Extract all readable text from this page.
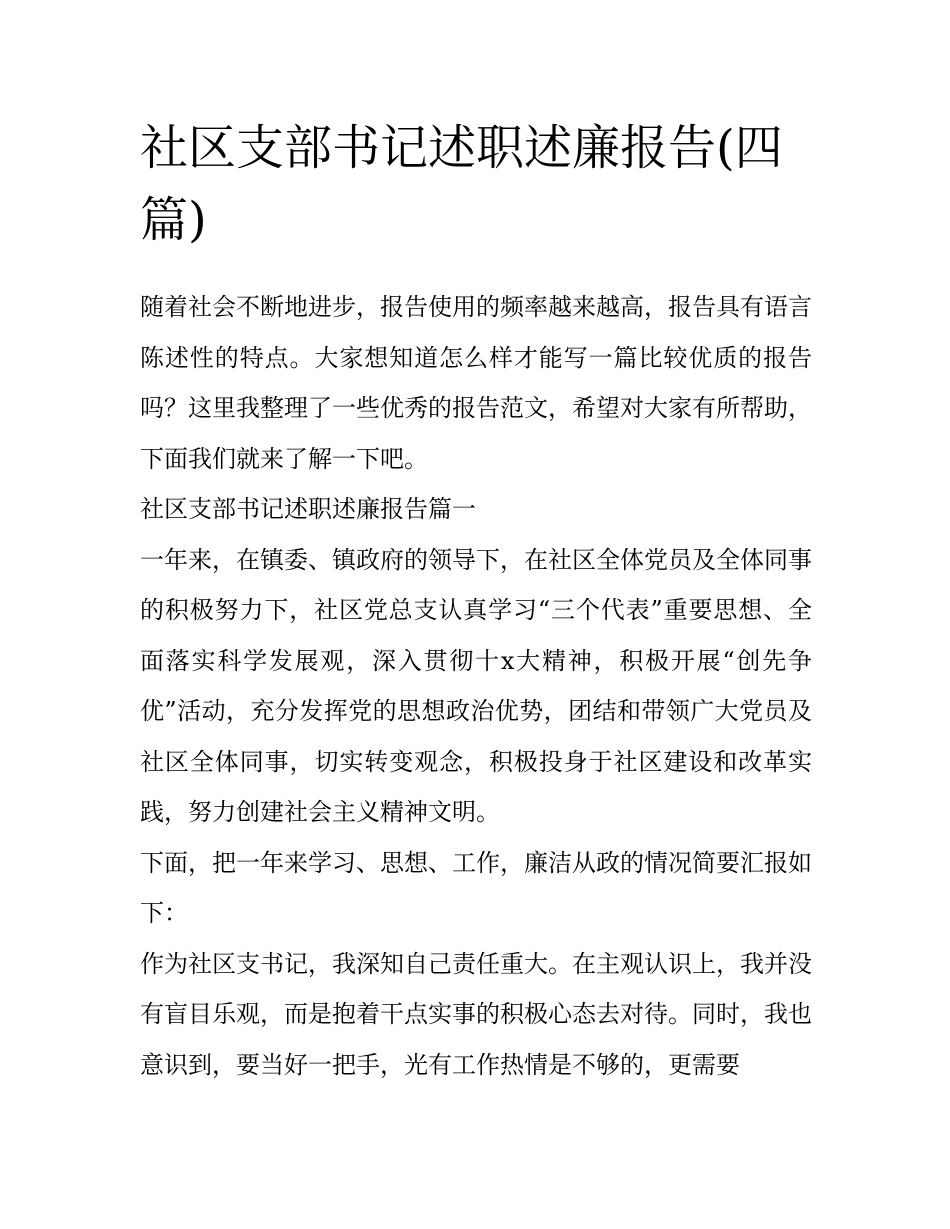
社区支部书记述职述廉报告(四篇)

随着社会不断地进步，报告使用的频率越来越高，报告具有语言陈述性的特点。大家想知道怎么样才能写一篇比较优质的报告吗？这里我整理了一些优秀的报告范文，希望对大家有所帮助，下面我们就来了解一下吧。

社区支部书记述职述廉报告篇一

一年来，在镇委、镇政府的领导下，在社区全体党员及全体同事的积极努力下，社区党总支认真学习“三个代表”重要思想、全面落实科学发展观，深入贯彻十x大精神，积极开展“创先争优”活动，充分发挥党的思想政治优势，团结和带领广大党员及社区全体同事，切实转变观念，积极投身于社区建设和改革实践，努力创建社会主义精神文明。

下面，把一年来学习、思想、工作，廉洁从政的情况简要汇报如下：

作为社区支书记，我深知自己责任重大。在主观认识上，我并没有盲目乐观，而是抱着干点实事的积极心态去对待。同时，我也意识到，要当好一把手，光有工作热情是不够的，更需要
